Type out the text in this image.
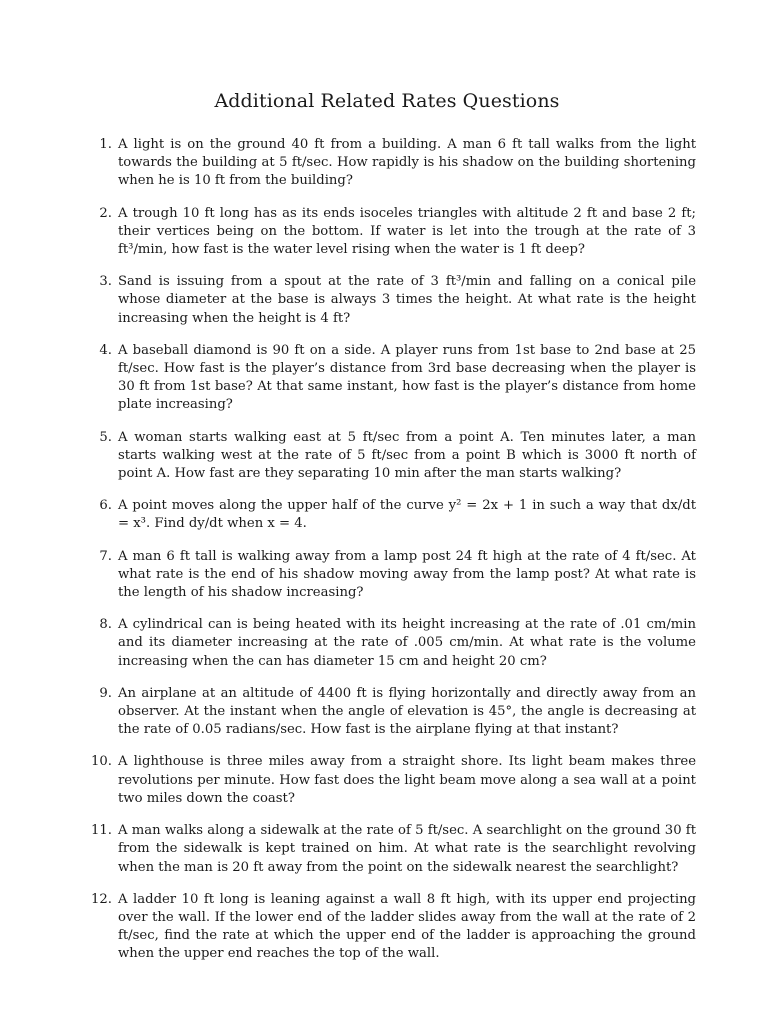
Additional Related Rates Questions
1. A light is on the ground 40 ft from a building. A man 6 ft tall walks from the light towards the building at 5 ft/sec. How rapidly is his shadow on the building shortening when he is 10 ft from the building?
2. A trough 10 ft long has as its ends isoceles triangles with altitude 2 ft and base 2 ft; their vertices being on the bottom. If water is let into the trough at the rate of 3 ft³/min, how fast is the water level rising when the water is 1 ft deep?
3. Sand is issuing from a spout at the rate of 3 ft³/min and falling on a conical pile whose diameter at the base is always 3 times the height. At what rate is the height increasing when the height is 4 ft?
4. A baseball diamond is 90 ft on a side. A player runs from 1st base to 2nd base at 25 ft/sec. How fast is the player’s distance from 3rd base decreasing when the player is 30 ft from 1st base? At that same instant, how fast is the player’s distance from home plate increasing?
5. A woman starts walking east at 5 ft/sec from a point A. Ten minutes later, a man starts walking west at the rate of 5 ft/sec from a point B which is 3000 ft north of point A. How fast are they separating 10 min after the man starts walking?
6. A point moves along the upper half of the curve y² = 2x + 1 in such a way that dx/dt = x³. Find dy/dt when x = 4.
7. A man 6 ft tall is walking away from a lamp post 24 ft high at the rate of 4 ft/sec. At what rate is the end of his shadow moving away from the lamp post? At what rate is the length of his shadow increasing?
8. A cylindrical can is being heated with its height increasing at the rate of .01 cm/min and its diameter increasing at the rate of .005 cm/min. At what rate is the volume increasing when the can has diameter 15 cm and height 20 cm?
9. An airplane at an altitude of 4400 ft is flying horizontally and directly away from an observer. At the instant when the angle of elevation is 45°, the angle is decreasing at the rate of 0.05 radians/sec. How fast is the airplane flying at that instant?
10. A lighthouse is three miles away from a straight shore. Its light beam makes three revolutions per minute. How fast does the light beam move along a sea wall at a point two miles down the coast?
11. A man walks along a sidewalk at the rate of 5 ft/sec. A searchlight on the ground 30 ft from the sidewalk is kept trained on him. At what rate is the searchlight revolving when the man is 20 ft away from the point on the sidewalk nearest the searchlight?
12. A ladder 10 ft long is leaning against a wall 8 ft high, with its upper end projecting over the wall. If the lower end of the ladder slides away from the wall at the rate of 2 ft/sec, find the rate at which the upper end of the ladder is approaching the ground when the upper end reaches the top of the wall.
